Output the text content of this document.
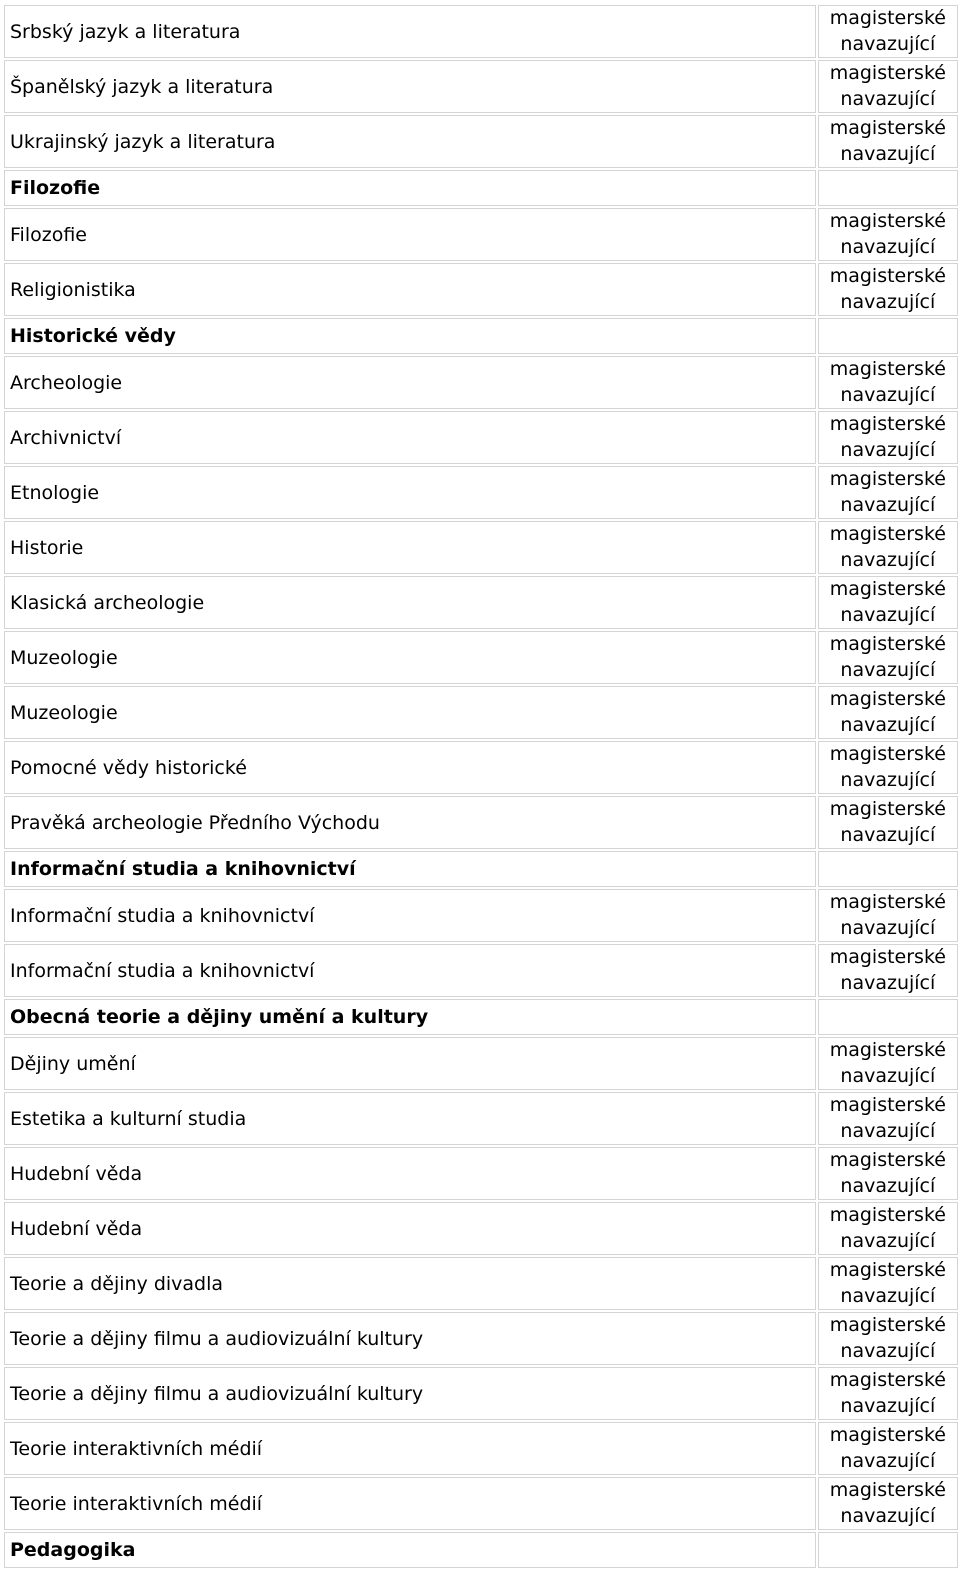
Srbský jazyk a literatura	magisterské
navazující

Španělský jazyk a literatura	magisterské
navazující

Ukrajinský jazyk a literatura	magisterské
navazující

Filozofie	
Filozofie	magisterské
navazující

Religionistika	magisterské
navazující

Historické vědy	
Archeologie	magisterské
navazující

Archivnictví	magisterské
navazující

Etnologie	magisterské
navazující

Historie	magisterské
navazující

Klasická archeologie	magisterské
navazující

Muzeologie	magisterské
navazující

Muzeologie	magisterské
navazující

Pomocné vědy historické	magisterské
navazující

Pravěká archeologie Předního Východu	magisterské
navazující

Informační studia a knihovnictví	
Informační studia a knihovnictví	magisterské
navazující

Informační studia a knihovnictví	magisterské
navazující

Obecná teorie a dějiny umění a kultury	
Dějiny umění	magisterské
navazující

Estetika a kulturní studia	magisterské
navazující

Hudební věda	magisterské
navazující

Hudební věda	magisterské
navazující

Teorie a dějiny divadla	magisterské
navazující

Teorie a dějiny filmu a audiovizuální kultury	magisterské
navazující

Teorie a dějiny filmu a audiovizuální kultury	magisterské
navazující

Teorie interaktivních médií	magisterské
navazující

Teorie interaktivních médií	magisterské
navazující

Pedagogika	
